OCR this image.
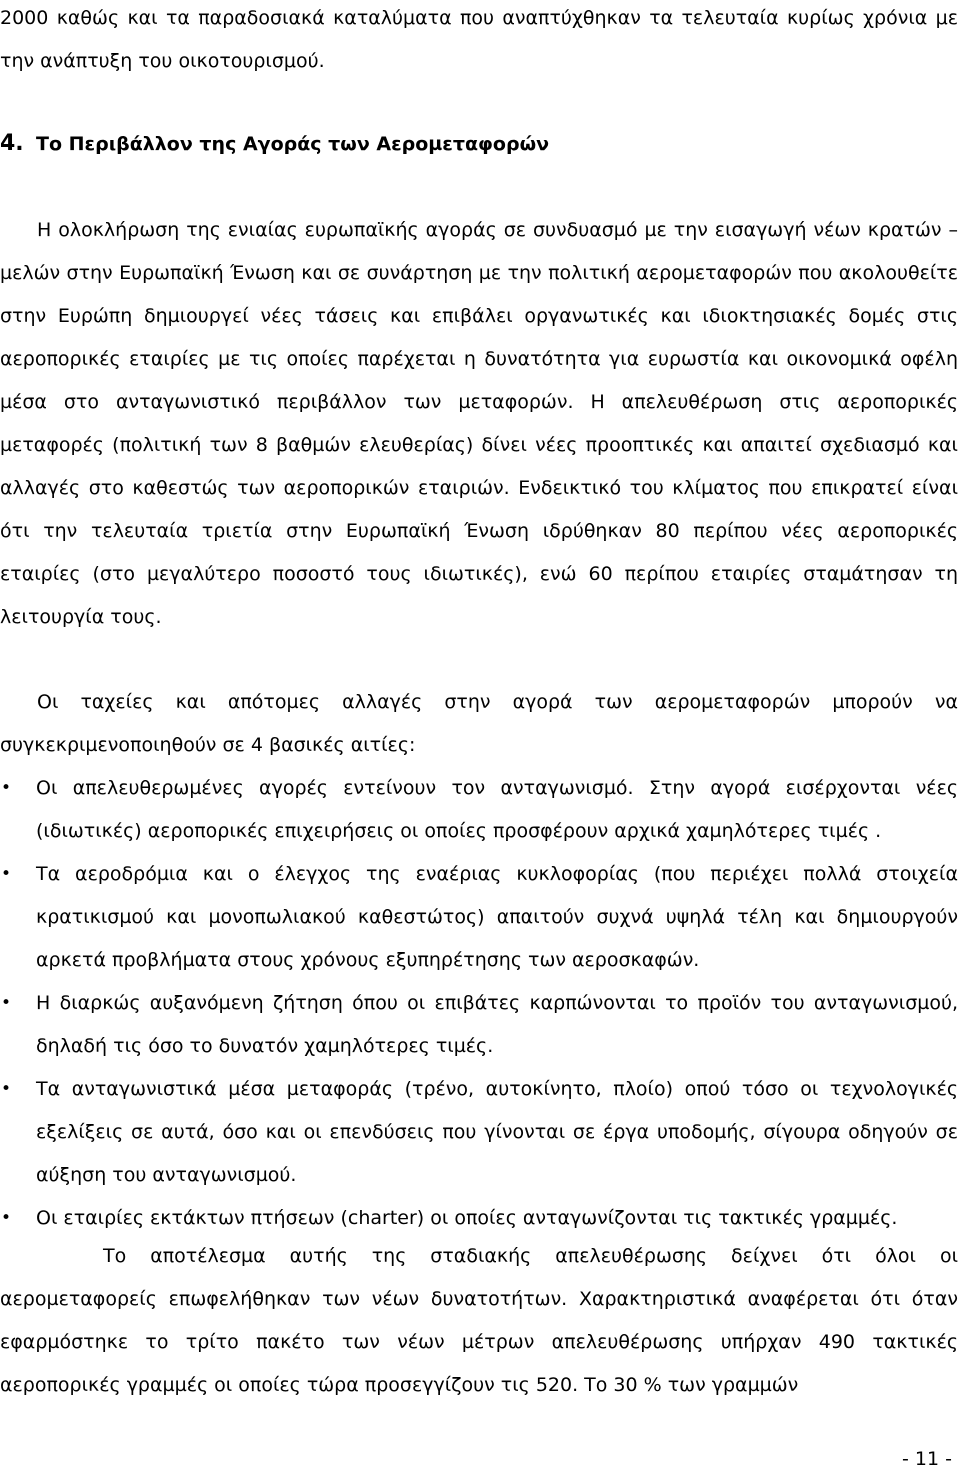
2000 καθώς και τα παραδοσιακά καταλύματα που αναπτύχθηκαν τα τελευταία κυρίως χρόνια με την ανάπτυξη του οικοτουρισμού.

4. Το Περιβάλλον της Αγοράς των Αεροµεταφορών

Η ολοκλήρωση της ενιαίας ευρωπαϊκής αγοράς σε συνδυασµό µε την εισαγωγή νέων κρατών – µελών στην Ευρωπαϊκή Ένωση και σε συνάρτηση µε την πολιτική αεροµεταφορών που ακολουθείτε στην Ευρώπη δηµιουργεί νέες τάσεις και επιβάλει οργανωτικές και ιδιοκτησιακές δοµές στις αεροπορικές εταιρίες µε τις οποίες παρέχεται η δυνατότητα για ευρωστία και οικονοµικά οφέλη µέσα στο ανταγωνιστικό περιβάλλον των µεταφορών. Η απελευθέρωση στις αεροπορικές µεταφορές (πολιτική των 8 βαθµών ελευθερίας) δίνει νέες προοπτικές και απαιτεί σχεδιασµό και αλλαγές στο καθεστώς των αεροπορικών εταιριών. Ενδεικτικό του κλίµατος που επικρατεί είναι ότι την τελευταία τριετία στην Ευρωπαϊκή Ένωση ιδρύθηκαν 80 περίπου νέες αεροπορικές εταιρίες (στο µεγαλύτερο ποσοστό τους ιδιωτικές), ενώ 60 περίπου εταιρίες σταµάτησαν τη λειτουργία τους.

Οι ταχείες και απότοµες αλλαγές στην αγορά των αεροµεταφορών µπορούν να συγκεκριµενοποιηθούν σε 4 βασικές αιτίες:

•	Οι απελευθερωµένες αγορές εντείνουν τον ανταγωνισµό. Στην αγορά εισέρχονται νέες (ιδιωτικές) αεροπορικές επιχειρήσεις οι οποίες προσφέρουν αρχικά χαµηλότερες τιµές .
•	Τα αεροδρόµια και ο έλεγχος της εναέριας κυκλοφορίας (που περιέχει πολλά στοιχεία κρατικισµού και µονοπωλιακού καθεστώτος) απαιτούν συχνά υψηλά τέλη και δηµιουργούν αρκετά προβλήµατα στους χρόνους εξυπηρέτησης των αεροσκαφών.
•	Η διαρκώς αυξανόµενη ζήτηση όπου οι επιβάτες καρπώνονται το προϊόν του ανταγωνισµού, δηλαδή τις όσο το δυνατόν χαµηλότερες τιµές.
•	Τα ανταγωνιστικά µέσα µεταφοράς (τρένο, αυτοκίνητο, πλοίο) οπού τόσο οι τεχνολογικές εξελίξεις σε αυτά, όσο και οι επενδύσεις που γίνονται σε έργα υποδοµής, σίγουρα οδηγούν σε αύξηση του ανταγωνισµού.
•	Οι εταιρίες εκτάκτων πτήσεων (charter) οι οποίες ανταγωνίζονται τις τακτικές γραµµές.

Το αποτέλεσµα αυτής της σταδιακής απελευθέρωσης δείχνει ότι όλοι οι αεροµεταφορείς επωφελήθηκαν των νέων δυνατοτήτων. Χαρακτηριστικά αναφέρεται ότι όταν εφαρµόστηκε το τρίτο πακέτο των νέων µέτρων απελευθέρωσης υπήρχαν 490 τακτικές αεροπορικές γραµµές οι οποίες τώρα προσεγγίζουν τις 520. Το 30 % των γραµµών

- 11 -
